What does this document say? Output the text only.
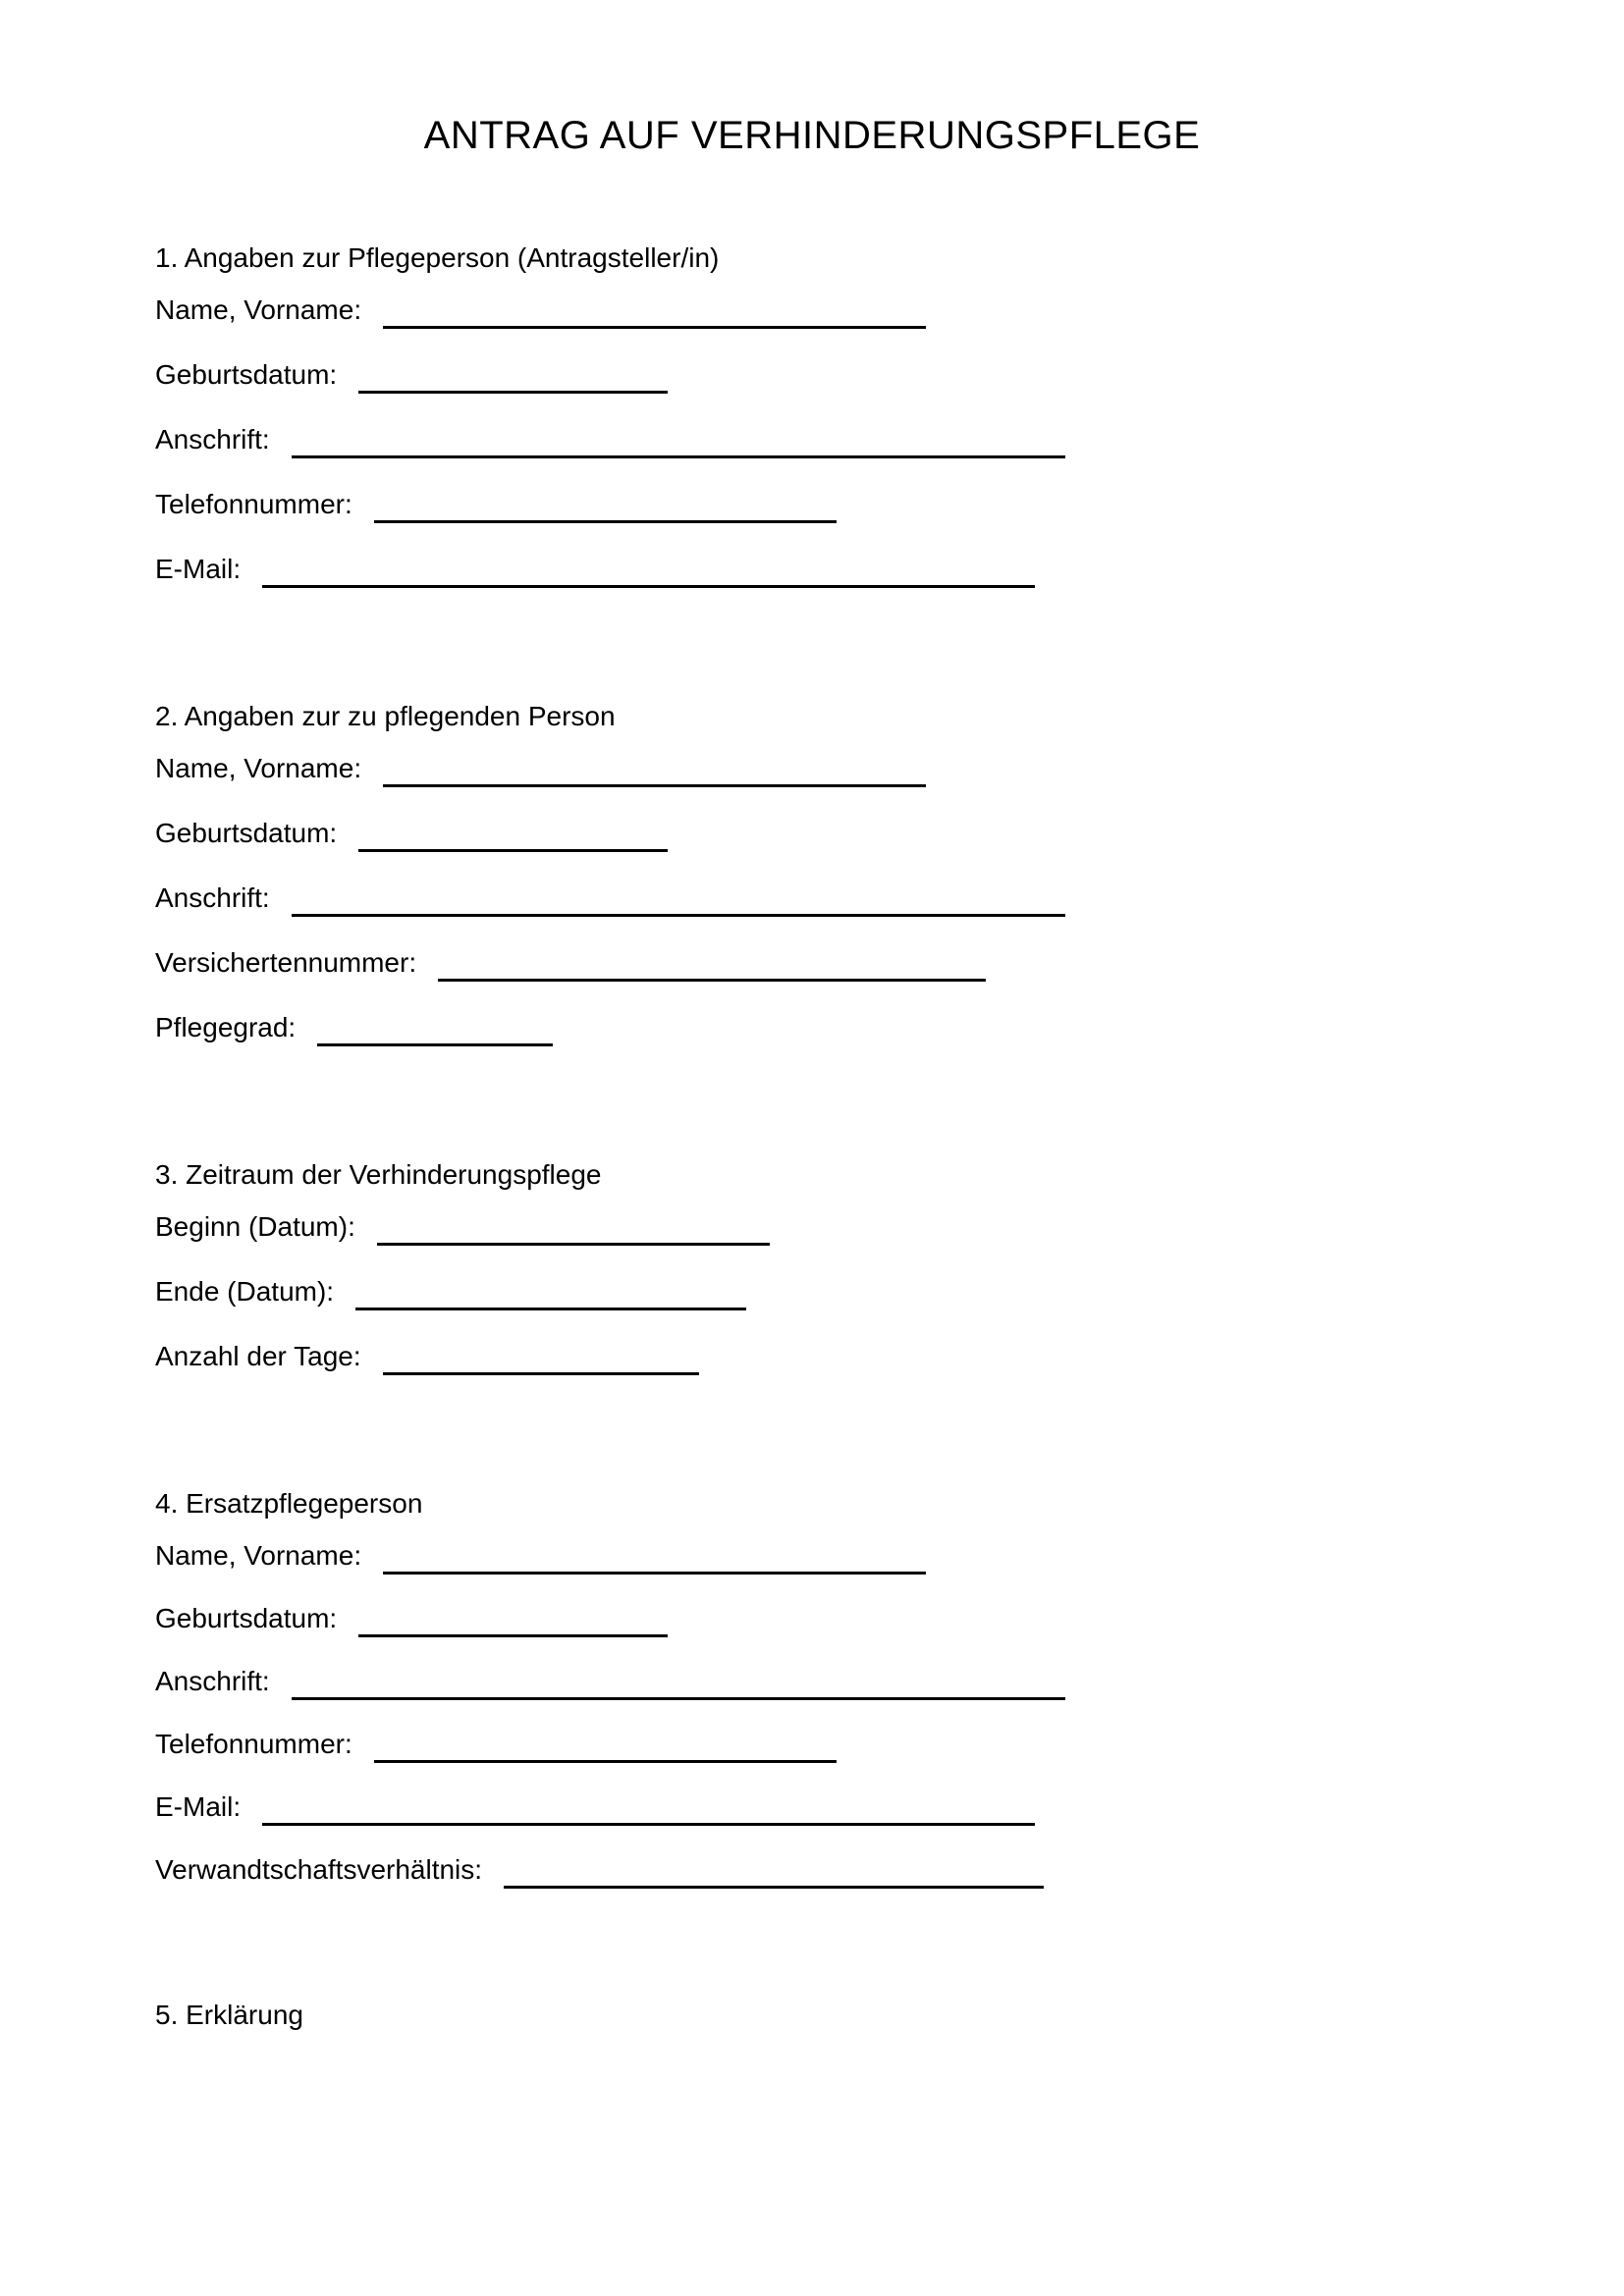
ANTRAG AUF VERHINDERUNGSPFLEGE
1. Angaben zur Pflegeperson (Antragsteller/in)
Name, Vorname:
Geburtsdatum:
Anschrift:
Telefonnummer:
E-Mail:
2. Angaben zur zu pflegenden Person
Name, Vorname:
Geburtsdatum:
Anschrift:
Versichertennummer:
Pflegegrad:
3. Zeitraum der Verhinderungspflege
Beginn (Datum):
Ende (Datum):
Anzahl der Tage:
4. Ersatzpflegeperson
Name, Vorname:
Geburtsdatum:
Anschrift:
Telefonnummer:
E-Mail:
Verwandtschaftsverhältnis:
5. Erklärung
